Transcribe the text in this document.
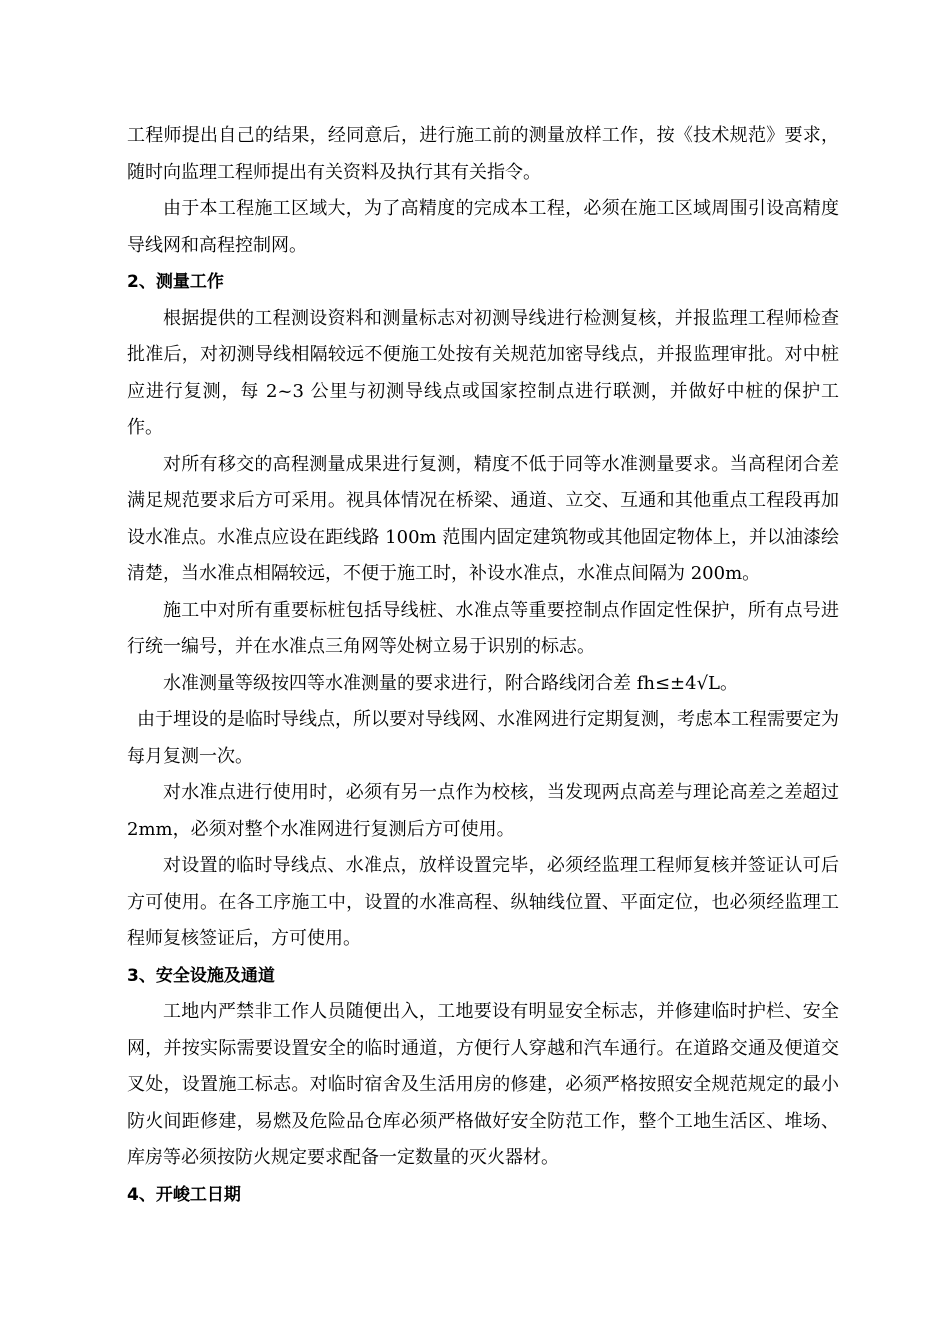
工程师提出自己的结果，经同意后，进行施工前的测量放样工作，按《技术规范》要求，随时向监理工程师提出有关资料及执行其有关指令。

由于本工程施工区域大，为了高精度的完成本工程，必须在施工区域周围引设高精度导线网和高程控制网。

2、测量工作

根据提供的工程测设资料和测量标志对初测导线进行检测复核，并报监理工程师检查批准后，对初测导线相隔较远不便施工处按有关规范加密导线点，并报监理审批。对中桩应进行复测，每 2~3 公里与初测导线点或国家控制点进行联测，并做好中桩的保护工作。

对所有移交的高程测量成果进行复测，精度不低于同等水准测量要求。当高程闭合差满足规范要求后方可采用。视具体情况在桥梁、通道、立交、互通和其他重点工程段再加设水准点。水准点应设在距线路 100m 范围内固定建筑物或其他固定物体上，并以油漆绘清楚，当水准点相隔较远，不便于施工时，补设水准点，水准点间隔为 200m。

施工中对所有重要标桩包括导线桩、水准点等重要控制点作固定性保护，所有点号进行统一编号，并在水准点三角网等处树立易于识别的标志。

水准测量等级按四等水准测量的要求进行，附合路线闭合差 fh≤±4√L。

由于埋设的是临时导线点，所以要对导线网、水准网进行定期复测，考虑本工程需要定为每月复测一次。

对水准点进行使用时，必须有另一点作为校核，当发现两点高差与理论高差之差超过 2mm，必须对整个水准网进行复测后方可使用。

对设置的临时导线点、水准点，放样设置完毕，必须经监理工程师复核并签证认可后方可使用。在各工序施工中，设置的水准高程、纵轴线位置、平面定位，也必须经监理工程师复核签证后，方可使用。

3、安全设施及通道

工地内严禁非工作人员随便出入，工地要设有明显安全标志，并修建临时护栏、安全网，并按实际需要设置安全的临时通道，方便行人穿越和汽车通行。在道路交通及便道交叉处，设置施工标志。对临时宿舍及生活用房的修建，必须严格按照安全规范规定的最小防火间距修建，易燃及危险品仓库必须严格做好安全防范工作，整个工地生活区、堆场、库房等必须按防火规定要求配备一定数量的灭火器材。

4、开峻工日期
